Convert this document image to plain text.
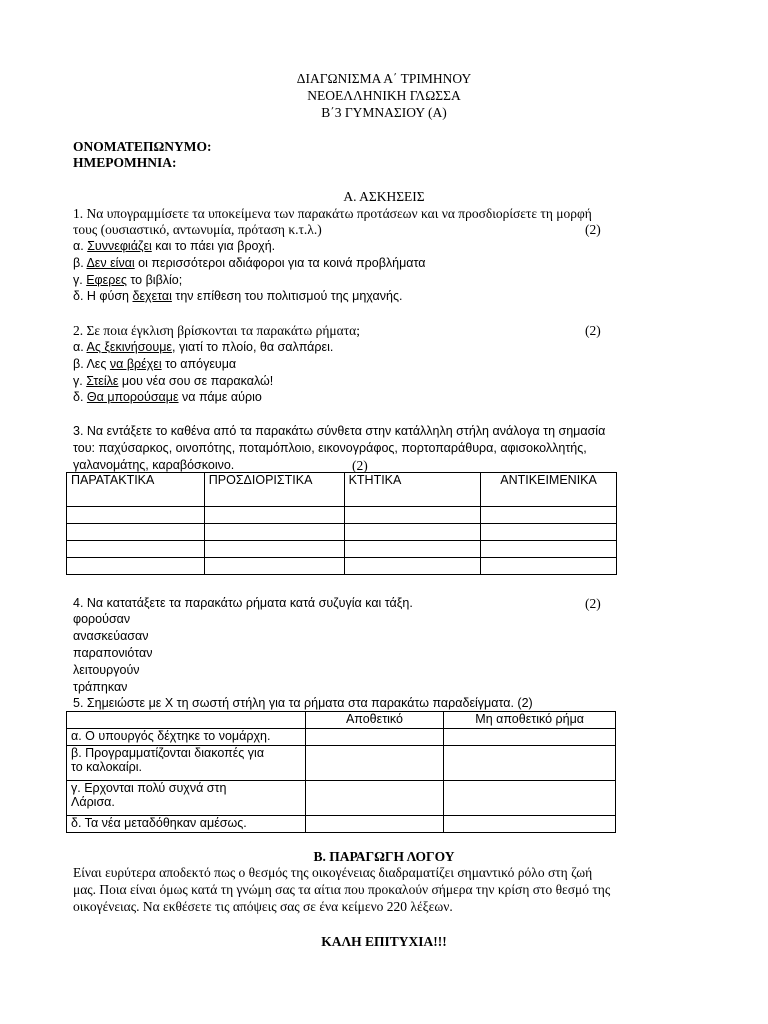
ΔΙΑΓΩΝΙΣΜΑ Α΄ ΤΡΙΜΗΝΟΥ
ΝΕΟΕΛΛΗΝΙΚΗ ΓΛΩΣΣΑ
Β΄3 ΓΥΜΝΑΣΙΟΥ (Α)
ΟΝΟΜΑΤΕΠΩΝΥΜΟ:
ΗΜΕΡΟΜΗΝΙΑ:
Α. ΑΣΚΗΣΕΙΣ
1. Να υπογραμμίσετε τα υποκείμενα των παρακάτω προτάσεων και να προσδιορίσετε τη μορφή
τους (ουσιαστικό, αντωνυμία, πρόταση κ.τ.λ.)	(2)
α. Συννεφιάζει και το πάει για βροχή.
β. Δεν είναι οι περισσότεροι αδιάφοροι για τα κοινά προβλήματα
γ. Εφερες το βιβλίο;
δ. Η φύση δεχεται την επίθεση του πολιτισμού της μηχανής.
2. Σε ποια έγκλιση βρίσκονται τα παρακάτω ρήματα;	(2)
α. Ας ξεκινήσουμε, γιατί το πλοίο, θα σαλπάρει.
β. Λες να βρέχει το απόγευμα
γ. Στείλε μου νέα σου σε παρακαλώ!
δ. Θα μπορούσαμε να πάμε αύριο
3. Να εντάξετε το καθένα από τα παρακάτω σύνθετα στην κατάλληλη στήλη ανάλογα τη σημασία
του: παχύσαρκος, οινοπότης, ποταμόπλοιο, εικονογράφος, πορτοπαράθυρα, αφισοκολλητής,
γαλανομάτης, καραβόσκοινο.	(2)
ΠΑΡΑΤΑΚΤΙΚΑ	ΠΡΟΣΔΙΟΡΙΣΤΙΚΑ	ΚΤΗΤΙΚΑ	ΑΝΤΙΚΕΙΜΕΝΙΚΑ

4. Να κατατάξετε τα παρακάτω ρήματα κατά συζυγία και τάξη.	(2)
φορούσαν
ανασκεύασαν
παραπονιόταν
λειτουργούν
τράπηκαν
5. Σημειώστε με Χ τη σωστή στήλη για τα ρήματα στα παρακάτω παραδείγματα. (2)
	Αποθετικό	Μη αποθετικό ρήμα
α. Ο υπουργός δέχτηκε το νομάρχη.		

β. Προγραμματίζονται διακοπές για
το καλοκαίρι.		

γ. Ερχονται πολύ συχνά στη
Λάρισα.		

δ. Τα νέα μεταδόθηκαν αμέσως.		
Β. ΠΑΡΑΓΩΓΗ ΛΟΓΟΥ
Είναι ευρύτερα αποδεκτό πως ο θεσμός της οικογένειας διαδραματίζει σημαντικό ρόλο στη ζωή
μας. Ποια είναι όμως κατά τη γνώμη σας τα αίτια που προκαλούν σήμερα την κρίση στο θεσμό της
οικογένειας. Να εκθέσετε τις απόψεις σας σε ένα κείμενο 220 λέξεων.
ΚΑΛΗ ΕΠΙΤΥΧΙΑ!!!
